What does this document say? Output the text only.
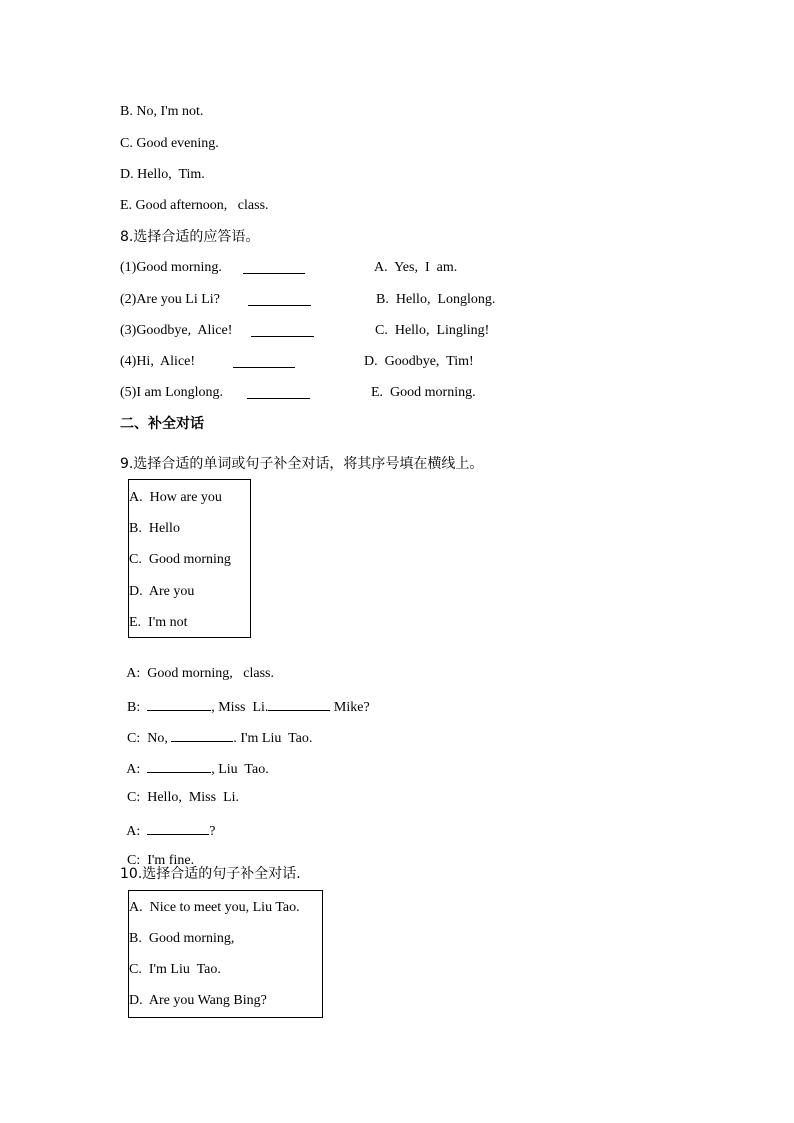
B. No, I'm not.
C. Good evening.
D. Hello,  Tim.
E. Good afternoon,   class.
8.选择合适的应答语。
(1)Good morning.	A.  Yes,  I  am.
(2)Are you Li Li?	B.  Hello,  Longlong.
(3)Goodbye,  Alice!	C.  Hello,  Lingling!
(4)Hi,  Alice!	D.  Goodbye,  Tim!
(5)I am Longlong.	E.  Good morning.
二、补全对话
9.选择合适的单词或句子补全对话，将其序号填在横线上。
A.  How are you
B.  Hello
C.  Good morning
D.  Are you
E.  I'm not

A:  Good morning,   class.

B:	, Miss  Li.	Mike?

C:  No,	. I'm Liu  Tao.

A:	, Liu  Tao.

C:  Hello,  Miss  Li.

A:	?

C:  I'm fine.

10.选择合适的句子补全对话.
A.  Nice to meet you, Liu Tao.
B.  Good morning,
C.  I'm Liu  Tao.
D.  Are you Wang Bing?
